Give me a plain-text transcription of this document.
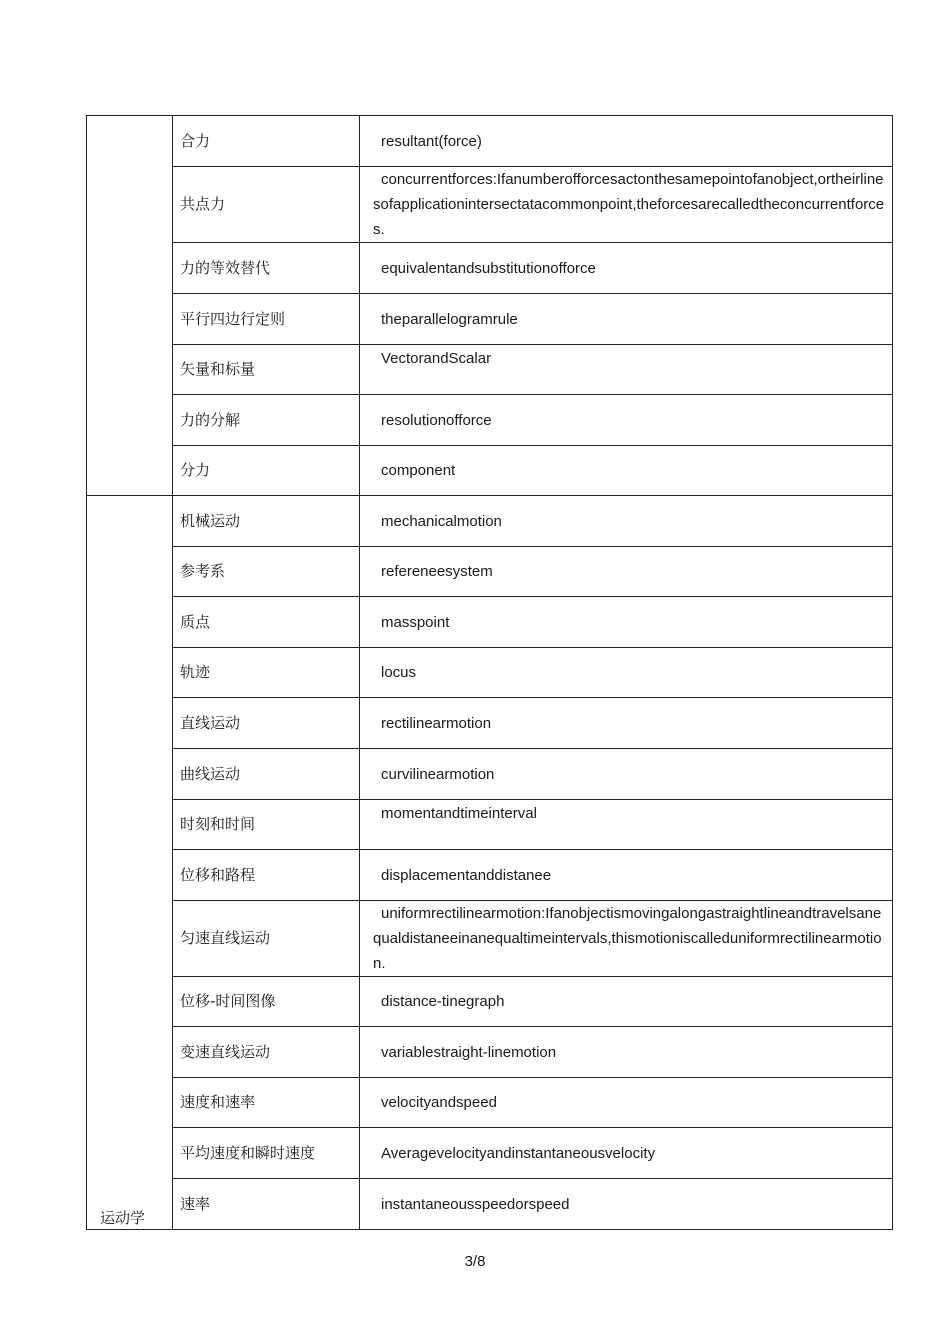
	合力	resultant(force)
	共点力	concurrentforces:Ifanumberofforcesactonthesamepointofanobject,ortheirlinesofapplicationintersectatacommonpoint,theforcesarecalledtheconcurrentforces.
	力的等效替代	equivalentandsubstitutionofforce
	平行四边行定则	theparallelogramrule
	矢量和标量	VectorandScalar
	力的分解	resolutionofforce
	分力	component

运动学	机械运动	mechanicalmotion
	参考系	refereneesystem
	质点	masspoint
	轨迹	locus
	直线运动	rectilinearmotion
	曲线运动	curvilinearmotion
	时刻和时间	momentandtimeinterval
	位移和路程	displacementanddistanee
	匀速直线运动	uniformrectilinearmotion:Ifanobjectismovingalongastraightlineandtravelsanequaldistaneeinanequaltimeintervals,thismotioniscalleduniformrectilinearmotion.
	位移-时间图像	distance-tinegraph
	变速直线运动	variablestraight-linemotion
	速度和速率	velocityandspeed
	平均速度和瞬时速度	Averagevelocityandinstantaneousvelocity
	速率	instantaneousspeedorspeed
3/8
